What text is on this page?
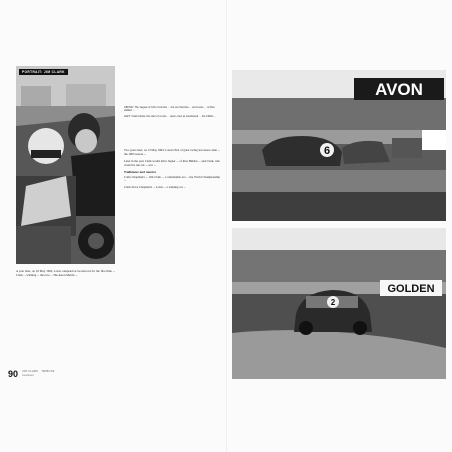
PORTRAIT: JIM CLARK

ABOVE: The Jaguar of John Coombs ... the car that Ilea ... and Lotus ... of Ron Hidden ...

LEFT: Clark before the start of a race ... team crew at Goodwood ... the 1960s ...

Two years later, on 13 May 1963, Lotus's first of great racing successes came ... the 1963 season ...

Later in the year Clark would drive Jaguar ... of Ron Hidden ... and Clark, who would be run out ... as it ...

Trailblazer and mentor

Colin Chapman's ... Jim Clark ... a remarkable era ... the World Championship ...

Clark drove Chapman's ... Lotus ... a winning car ...

A year later, on 18 May 1962, Lotus competed at Goodwood for the first time ... Clark ... winning ... the race ... The Aston Martin ...

AVON
6
GOLDEN
2
90 JIM CLARK · TRIBUTE
Goodwood
